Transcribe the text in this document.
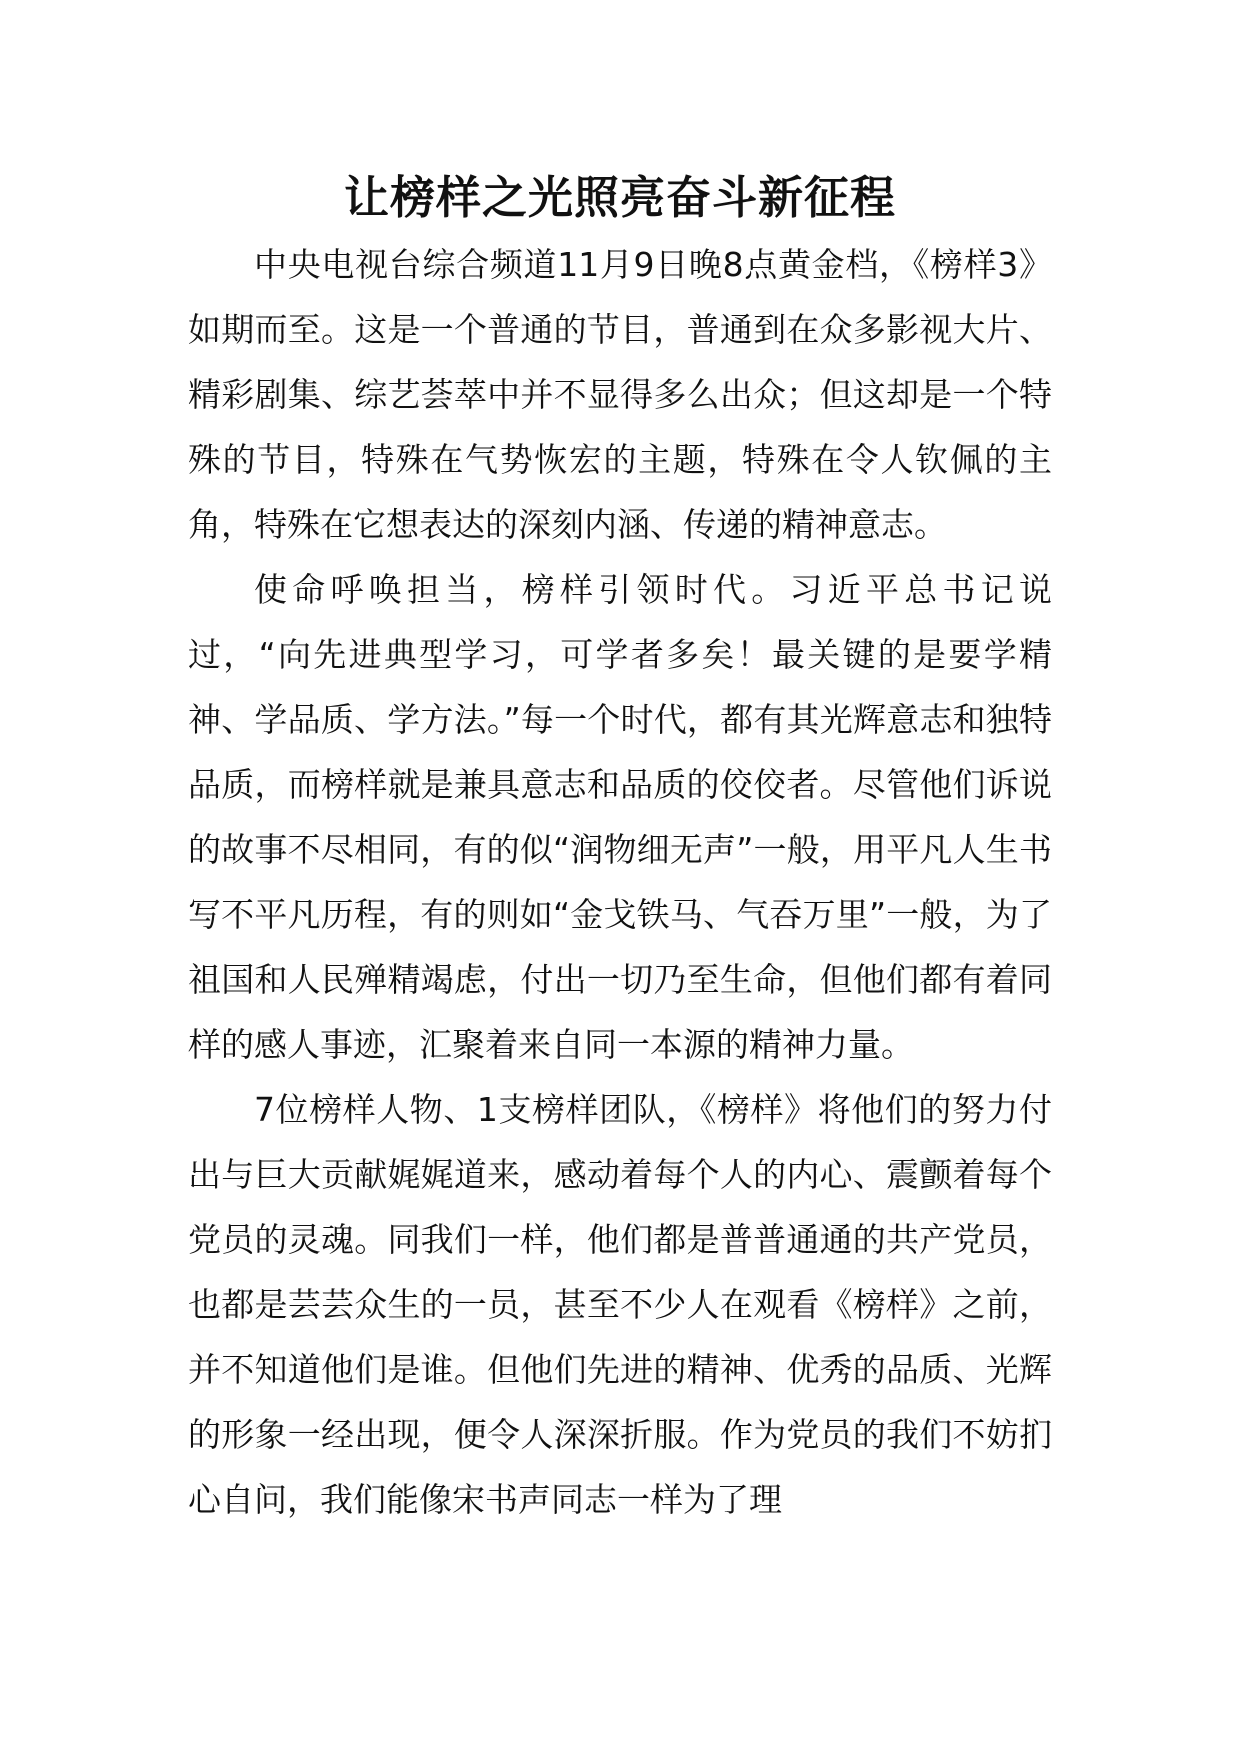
让榜样之光照亮奋斗新征程

中央电视台综合频道11月9日晚8点黄金档，《榜样3》如期而至。这是一个普通的节目，普通到在众多影视大片、精彩剧集、综艺荟萃中并不显得多么出众；但这却是一个特殊的节目，特殊在气势恢宏的主题，特殊在令人钦佩的主角，特殊在它想表达的深刻内涵、传递的精神意志。

使命呼唤担当，榜样引领时代。习近平总书记说过，“向先进典型学习，可学者多矣！最关键的是要学精神、学品质、学方法。”每一个时代，都有其光辉意志和独特品质，而榜样就是兼具意志和品质的佼佼者。尽管他们诉说的故事不尽相同，有的似“润物细无声”一般，用平凡人生书写不平凡历程，有的则如“金戈铁马、气吞万里”一般，为了祖国和人民殚精竭虑，付出一切乃至生命，但他们都有着同样的感人事迹，汇聚着来自同一本源的精神力量。

7位榜样人物、1支榜样团队，《榜样》将他们的努力付出与巨大贡献娓娓道来，感动着每个人的内心、震颤着每个党员的灵魂。同我们一样，他们都是普普通通的共产党员，也都是芸芸众生的一员，甚至不少人在观看《榜样》之前，并不知道他们是谁。但他们先进的精神、优秀的品质、光辉的形象一经出现，便令人深深折服。作为党员的我们不妨扪心自问，我们能像宋书声同志一样为了理
